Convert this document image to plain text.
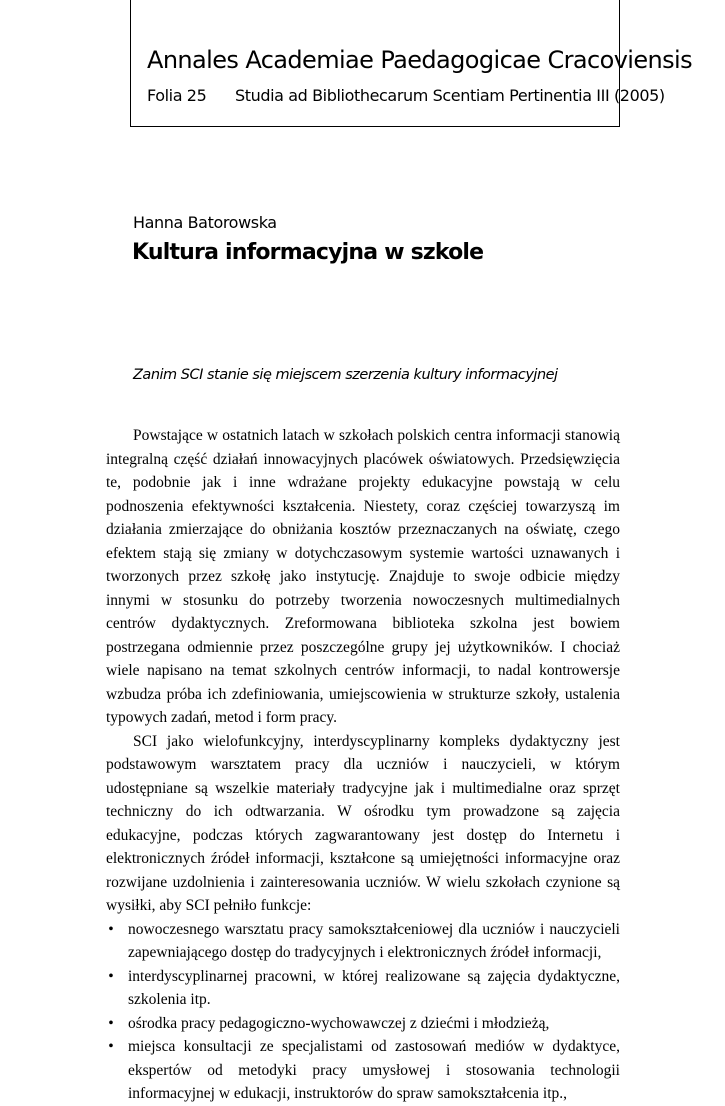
Annales Academiae Paedagogicae Cracoviensis
Folia 25 Studia ad Bibliothecarum Scentiam Pertinentia III (2005)
Hanna Batorowska
Kultura informacyjna w szkole
Zanim SCI stanie się miejscem szerzenia kultury informacyjnej

Powstające w ostatnich latach w szkołach polskich centra informacji stanowią integralną część działań innowacyjnych placówek oświatowych. Przedsięwzięcia te, podobnie jak i inne wdrażane projekty edukacyjne powstają w celu podnoszenia efektywności kształcenia. Niestety, coraz częściej towarzyszą im działania zmierzające do obniżania kosztów przeznaczanych na oświatę, czego efektem stają się zmiany w dotychczasowym systemie wartości uznawanych i tworzonych przez szkołę jako instytucję. Znajduje to swoje odbicie między innymi w stosunku do potrzeby tworzenia nowoczesnych multimedialnych centrów dydaktycznych. Zreformowana biblioteka szkolna jest bowiem postrzegana odmiennie przez poszczególne grupy jej użytkowników. I chociaż wiele napisano na temat szkolnych centrów informacji, to nadal kontrowersje wzbudza próba ich zdefiniowania, umiejscowienia w strukturze szkoły, ustalenia typowych zadań, metod i form pracy.

SCI jako wielofunkcyjny, interdyscyplinarny kompleks dydaktyczny jest podstawowym warsztatem pracy dla uczniów i nauczycieli, w którym udostępniane są wszelkie materiały tradycyjne jak i multimedialne oraz sprzęt techniczny do ich odtwarzania. W ośrodku tym prowadzone są zajęcia edukacyjne, podczas których zagwarantowany jest dostęp do Internetu i elektronicznych źródeł informacji, kształcone są umiejętności informacyjne oraz rozwijane uzdolnienia i zainteresowania uczniów. W wielu szkołach czynione są wysiłki, aby SCI pełniło funkcje:

• nowoczesnego warsztatu pracy samokształceniowej dla uczniów i nauczycieli zapewniającego dostęp do tradycyjnych i elektronicznych źródeł informacji,
• interdyscyplinarnej pracowni, w której realizowane są zajęcia dydaktyczne, szkolenia itp.
• ośrodka pracy pedagogiczno-wychowawczej z dziećmi i młodzieżą,
• miejsca konsultacji ze specjalistami od zastosowań mediów w dydaktyce, ekspertów od metodyki pracy umysłowej i stosowania technologii informacyjnej w edukacji, instruktorów do spraw samokształcenia itp.,
